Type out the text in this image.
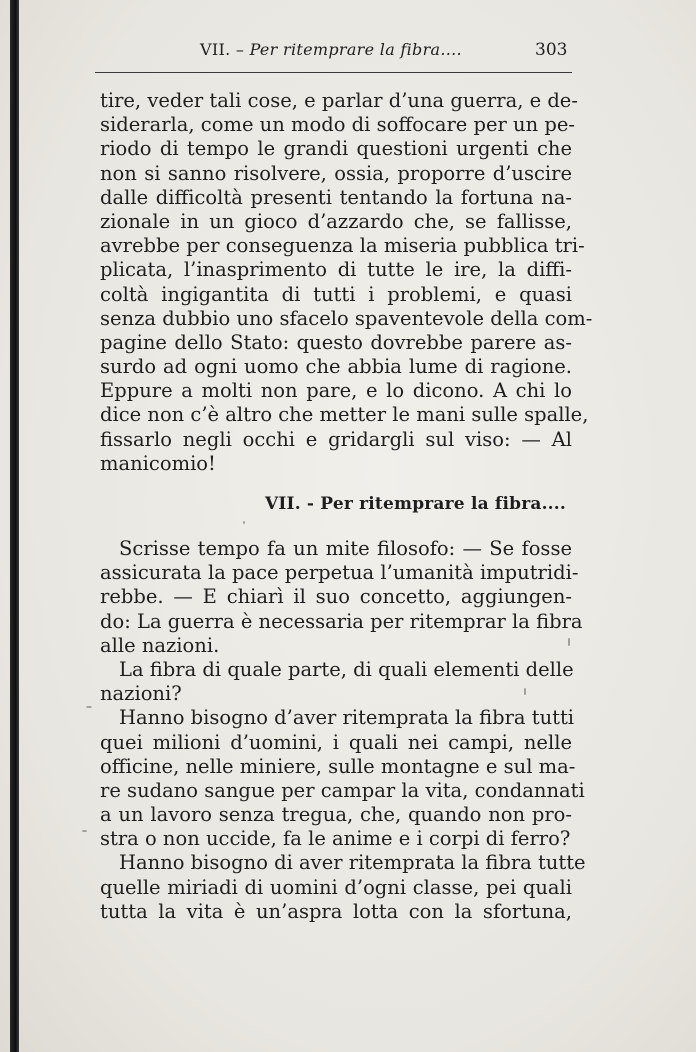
VII. – Per ritemprare la fibra....	303
tire, veder tali cose, e parlar d’una guerra, e de-
siderarla, come un modo di soffocare per un pe-
riodo di tempo le grandi questioni urgenti che
non si sanno risolvere, ossia, proporre d’uscire
dalle difficoltà presenti tentando la fortuna na-
zionale in un gioco d’azzardo che, se fallisse,
avrebbe per conseguenza la miseria pubblica tri-
plicata, l’inasprimento di tutte le ire, la diffi-
coltà ingigantita di tutti i problemi, e quasi
senza dubbio uno sfacelo spaventevole della com-
pagine dello Stato: questo dovrebbe parere as-
surdo ad ogni uomo che abbia lume di ragione.
Eppure a molti non pare, e lo dicono. A chi lo
dice non c’è altro che metter le mani sulle spalle,
fissarlo negli occhi e gridargli sul viso: — Al
manicomio!
VII. - Per ritemprare la fibra....
Scrisse tempo fa un mite filosofo: — Se fosse
assicurata la pace perpetua l’umanità imputridi-
rebbe. — E chiarì il suo concetto, aggiungen-
do: La guerra è necessaria per ritemprar la fibra
alle nazioni.
La fibra di quale parte, di quali elementi delle
nazioni?
Hanno bisogno d’aver ritemprata la fibra tutti
quei milioni d’uomini, i quali nei campi, nelle
officine, nelle miniere, sulle montagne e sul ma-
re sudano sangue per campar la vita, condannati
a un lavoro senza tregua, che, quando non pro-
stra o non uccide, fa le anime e i corpi di ferro?
Hanno bisogno di aver ritemprata la fibra tutte
quelle miriadi di uomini d’ogni classe, pei quali
tutta la vita è un’aspra lotta con la sfortuna,
